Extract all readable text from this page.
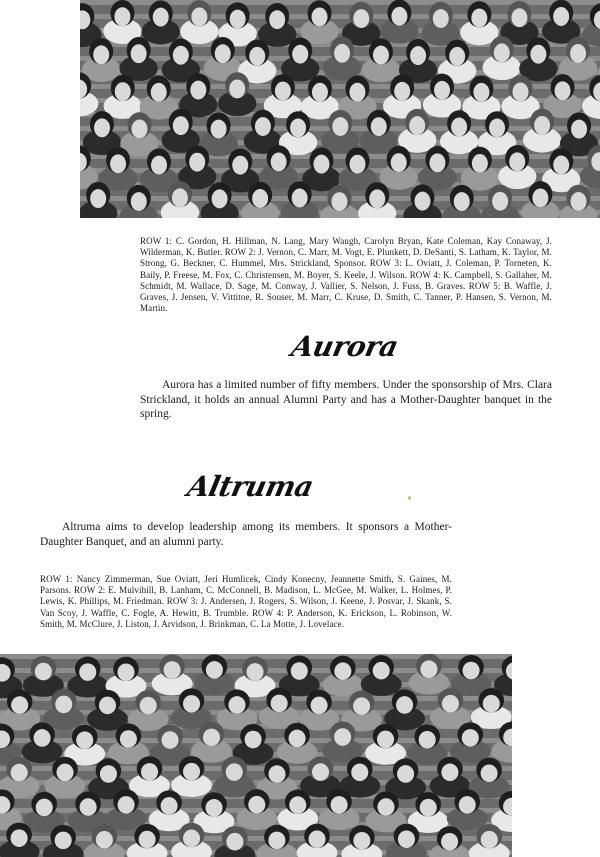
ROW 1: C. Gordon, H. Hillman, N. Lang, Mary Waugh, Carolyn Bryan, Kate Coleman, Kay Conaway, J. Wilderman, K. Butler. ROW 2: J. Vernon, C. Marr, M. Vogt, E. Plunkett, D. DeSanti, S. Latham, K. Taylor, M. Strong, G. Beckner, C. Hummel, Mrs. Strickland, Sponsor. ROW 3: L. Oviatt, J. Coleman, P. Torneten, K. Baily, P. Freese, M. Fox, C. Christensen, M. Boyer, S. Keele, J. Wilson. ROW 4: K. Campbell, S. Gallaher, M. Schmidt, M. Wallace, D. Sage, M. Conway, J. Vallier, S. Nelson, J. Fuss, B. Graves. ROW 5: B. Waffle, J. Graves, J. Jensen, V. Vittitoe, R. Souser, M. Marr, C. Kruse, D. Smith, C. Tanner, P. Hansen, S. Vernon, M. Martin.

Aurora

Aurora has a limited number of fifty members. Under the sponsorship of Mrs. Clara Strickland, it holds an annual Alumni Party and has a Mother-Daughter banquet in the spring.

Altruma

Altruma aims to develop leadership among its members. It sponsors a Mother-Daughter Banquet, and an alumni party.

ROW 1: Nancy Zimmerman, Sue Oviatt, Jeri Humlicek, Cindy Konecny, Jeannette Smith, S. Gaines, M. Parsons. ROW 2: E. Mulvihill, B. Lanham, C. McConnell, B. Madison, L. McGee, M. Walker, L. Holmes, P. Lewis, K. Phillips, M. Friedman. ROW 3: J. Andersen, J. Rogers, S. Wilson, J. Keene, J. Posvar, J. Skank, S. Van Scoy, J. Waffle, C. Fogle, A. Hewitt, B. Trumble. ROW 4: P. Anderson, K. Erickson, L. Robinson, W. Smith, M. McClure, J. Liston, J. Arvidson, J. Brinkman, C. La Motte, J. Lovelace.
